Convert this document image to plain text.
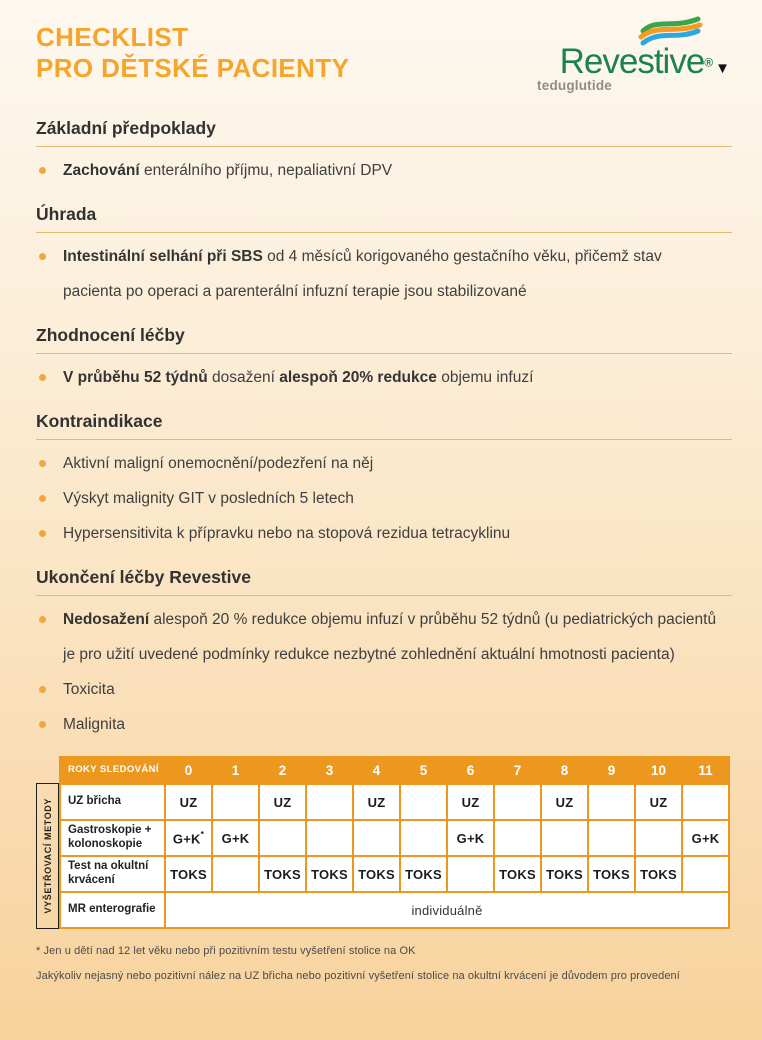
CHECKLIST
PRO DĚTSKÉ PACIENTY	Revestive® ▼
teduglutide
Základní předpoklady
Zachování enterálního příjmu, nepaliativní DPV
Úhrada
Intestinální selhání při SBS od 4 měsíců korigovaného gestačního věku, přičemž stav pacienta po operaci a parenterální infuzní terapie jsou stabilizované
Zhodnocení léčby
V průběhu 52 týdnů dosažení alespoň 20% redukce objemu infuzí
Kontraindikace
Aktivní maligní onemocnění/podezření na něj
Výskyt malignity GIT v posledních 5 letech
Hypersensitivita k přípravku nebo na stopová rezidua tetracyklinu
Ukončení léčby Revestive
Nedosažení alespoň 20 % redukce objemu infuzí v průběhu 52 týdnů (u pediatrických pacientů je pro užití uvedené podmínky redukce nezbytné zohlednění aktuální hmotnosti pacienta)
Toxicita
Malignita
VYŠETŘOVACÍ METODY
ROKY SLEDOVÁNÍ	0	1	2	3	4	5	6	7	8	9	10	11
UZ břicha	UZ		UZ		UZ		UZ		UZ		UZ	
Gastroskopie + kolonoskopie	G+K*	G+K					G+K					G+K
Test na okultní krvácení	TOKS		TOKS	TOKS	TOKS	TOKS		TOKS	TOKS	TOKS	TOKS	
MR enterografie	individuálně											
* Jen u dětí nad 12 let věku nebo při pozitivním testu vyšetření stolice na OK
Jakýkoliv nejasný nebo pozitivní nález na UZ břicha nebo pozitivní vyšetření stolice na okultní krvácení je důvodem pro provedení
